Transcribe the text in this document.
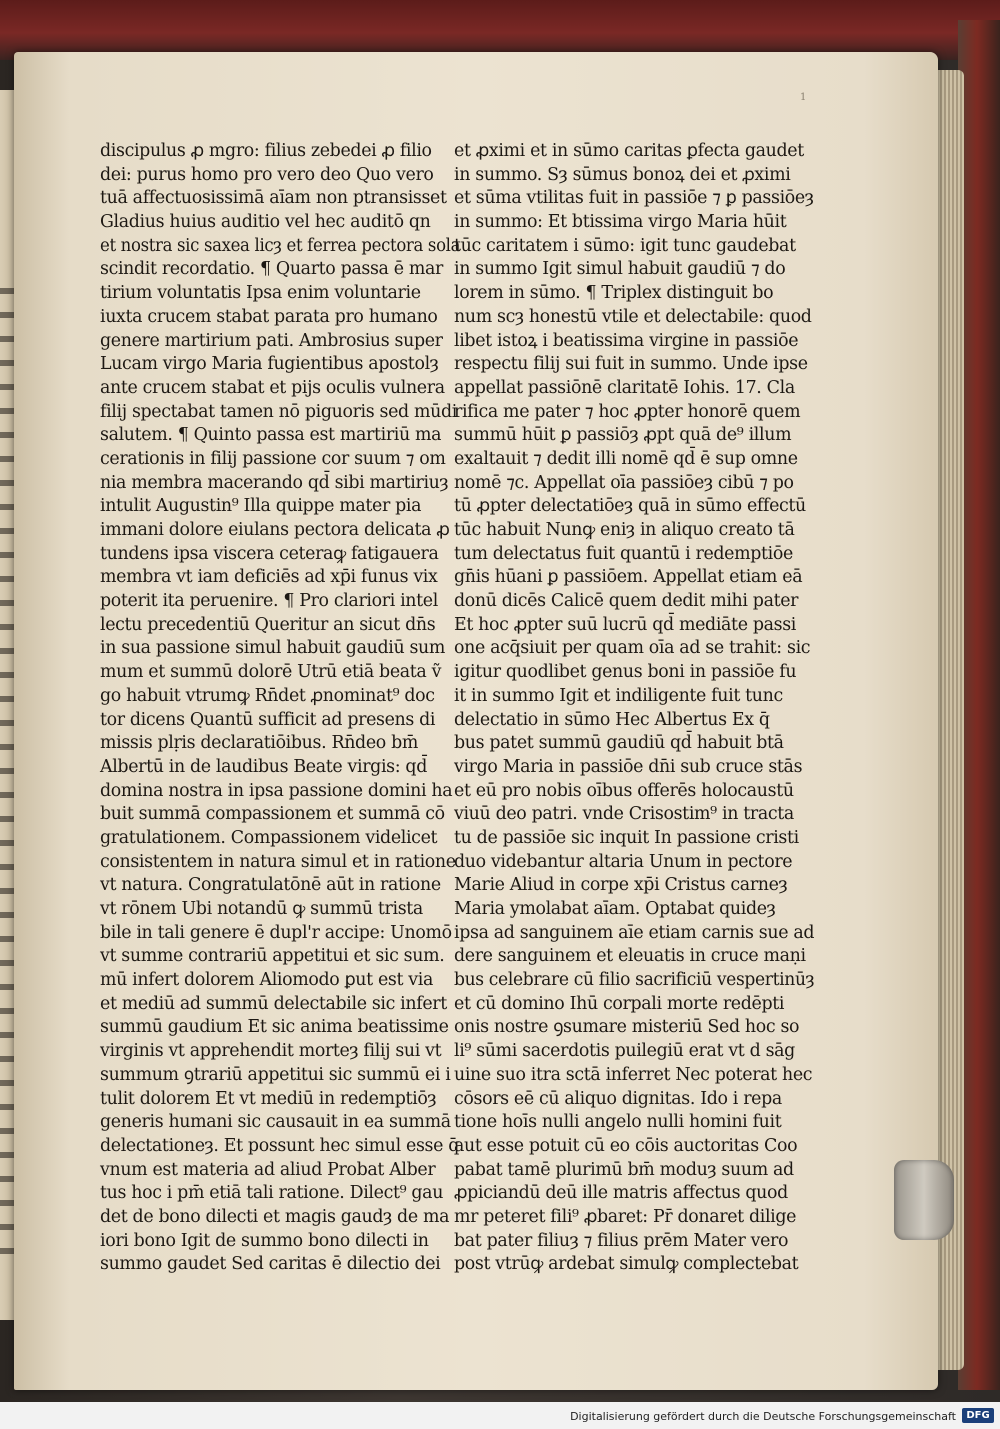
1
discipulus ꝓ mgro: filius zebedei ꝓ filio
dei: purus homo pro vero deo Quo vero
tuā affectuosissimā aīam non ptransisset
Gladius huius auditio vel hec auditō qn
et nostra sic saxea licȝ et ferrea pectora sola
scindit recordatio. ¶ Quarto passa ē mar
tirium voluntatis Ipsa enim voluntarie
iuxta crucem stabat parata pro humano
genere martirium pati. Ambrosius super
Lucam virgo Maria fugientibus apostolȝ
ante crucem stabat et pijs oculis vulnera
filij spectabat tamen nō piguoris sed mūdi
salutem. ¶ Quinto passa est martiriū ma
cerationis in filij passione cor suum ⁊ om
nia membra macerando qd̄ sibi martiriuȝ
intulit Augustin⁹ Illa quippe mater pia
immani dolore eiulans pectora delicata ꝓ
tundens ipsa viscera ceteraꝙ fatigauera
membra vt iam deficiēs ad xp̄i funus vix
poterit ita peruenire. ¶ Pro clariori intel
lectu precedentiū Queritur an sicut dn̄s
in sua passione simul habuit gaudiū sum
mum et summū dolorē Utrū etiā beata ṽ
go habuit vtrumꝙ Rn̄det ꝓnominat⁹ doc
tor dicens Quantū sufficit ad presens di
missis plṛis declaratiōibus. Rn̄deo bm̄
Albertū in de laudibus Beate virgis: qd̄
domina nostra in ipsa passione domini ha
buit summā compassionem et summā cō
gratulationem. Compassionem videlicet
consistentem in natura simul et in ratione
vt natura. Congratulatōnē aūt in ratione
vt rōnem Ubi notandū ꝙ summū trista
bile in tali genere ē dupl'r accipe: Unomō
vt summe contrariū appetitui et sic sum.
mū infert dolorem Aliomodo ꝑut est via
et mediū ad summū delectabile sic infert
summū gaudium Et sic anima beatissime
virginis vt apprehendit morteȝ filij sui vt
summum ꝯtrariū appetitui sic summū ei i
tulit dolorem Et vt mediū in redemptiōȝ
generis humani sic causauit in ea summā
delectationeȝ. Et possunt hec simul esse q̄
vnum est materia ad aliud Probat Alber
tus hoc i pm̄ etiā tali ratione. Dilect⁹ gau
det de bono dilecti et magis gaudȝ de ma
iori bono Igit de summo bono dilecti in
summo gaudet Sed caritas ē dilectio dei
et ꝓximi et in sūmo caritas ꝑfecta gaudet
in summo. Sȝ sūmus bonoꝝ dei et ꝓximi
et sūma vtilitas fuit in passiōe ⁊ ꝑ passiōeȝ
in summo: Et btissima virgo Maria hūit
tūc caritatem i sūmo: igit tunc gaudebat
in summo Igit simul habuit gaudiū ⁊ do
lorem in sūmo. ¶ Triplex distinguit bo
num scȝ honestū vtile et delectabile: quod
libet istoꝝ i beatissima virgine in passiōe
respectu filij sui fuit in summo. Unde ipse
appellat passiōnē claritatē Iohis. 17. Cla
rifica me pater ⁊ hoc ꝓpter honorē quem
summū hūit ꝑ passiōȝ ꝓpt quā de⁹ illum
exaltauit ⁊ dedit illi nomē qd̄ ē sup omne
nomē ⁊c. Appellat oīa passiōeȝ cibū ⁊ po
tū ꝓpter delectatiōeȝ quā in sūmo effectū
tūc habuit Nunꝙ eniȝ in aliquo creato tā
tum delectatus fuit quantū i redemptiōe
gn̄is hūani ꝑ passiōem. Appellat etiam eā
donū dicēs Calicē quem dedit mihi pater
Et hoc ꝓpter suū lucrū qd̄ mediāte passi
one acq̄siuit per quam oīa ad se trahit: sic
igitur quodlibet genus boni in passiōe fu
it in summo Igit et indiligente fuit tunc
delectatio in sūmo Hec Albertus Ex q̄
bus patet summū gaudiū qd̄ habuit btā
virgo Maria in passiōe dn̄i sub cruce stās
et eū pro nobis oībus offerēs holocaustū
viuū deo patri. vnde Crisostim⁹ in tracta
tu de passiōe sic inquit In passione cristi
duo videbantur altaria Unum in pectore
Marie Aliud in corpe xp̄i Cristus carneȝ
Maria ymolabat aīam. Optabat quideȝ
ipsa ad sanguinem aīe etiam carnis sue ad
dere sanguinem et eleuatis in cruce maṇi
bus celebrare cū filio sacrificiū vespertinūȝ
et cū domino Ihū corpali morte redēpti
onis nostre ꝯsumare misteriū Sed hoc so
li⁹ sūmi sacerdotis puilegiū erat vt d sāg
uine suo itra sctā inferret Nec poterat hec
cōsors eē cū aliquo dignitas. Ido i repa
tione hoīs nulli angelo nulli homini fuit
aut esse potuit cū eo cōis auctoritas Coo
pabat tamē plurimū bm̄ moduȝ suum ad
ꝓpiciandū deū ille matris affectus quod
mr peteret fili⁹ ꝓbaret: Pr̄ donaret dilige
bat pater filiuȝ ⁊ filius prēm Mater vero
post vtrūꝙ ardebat simulꝙ complectebat
Digitalisierung gefördert durch die Deutsche Forschungsgemeinschaft	DFG
